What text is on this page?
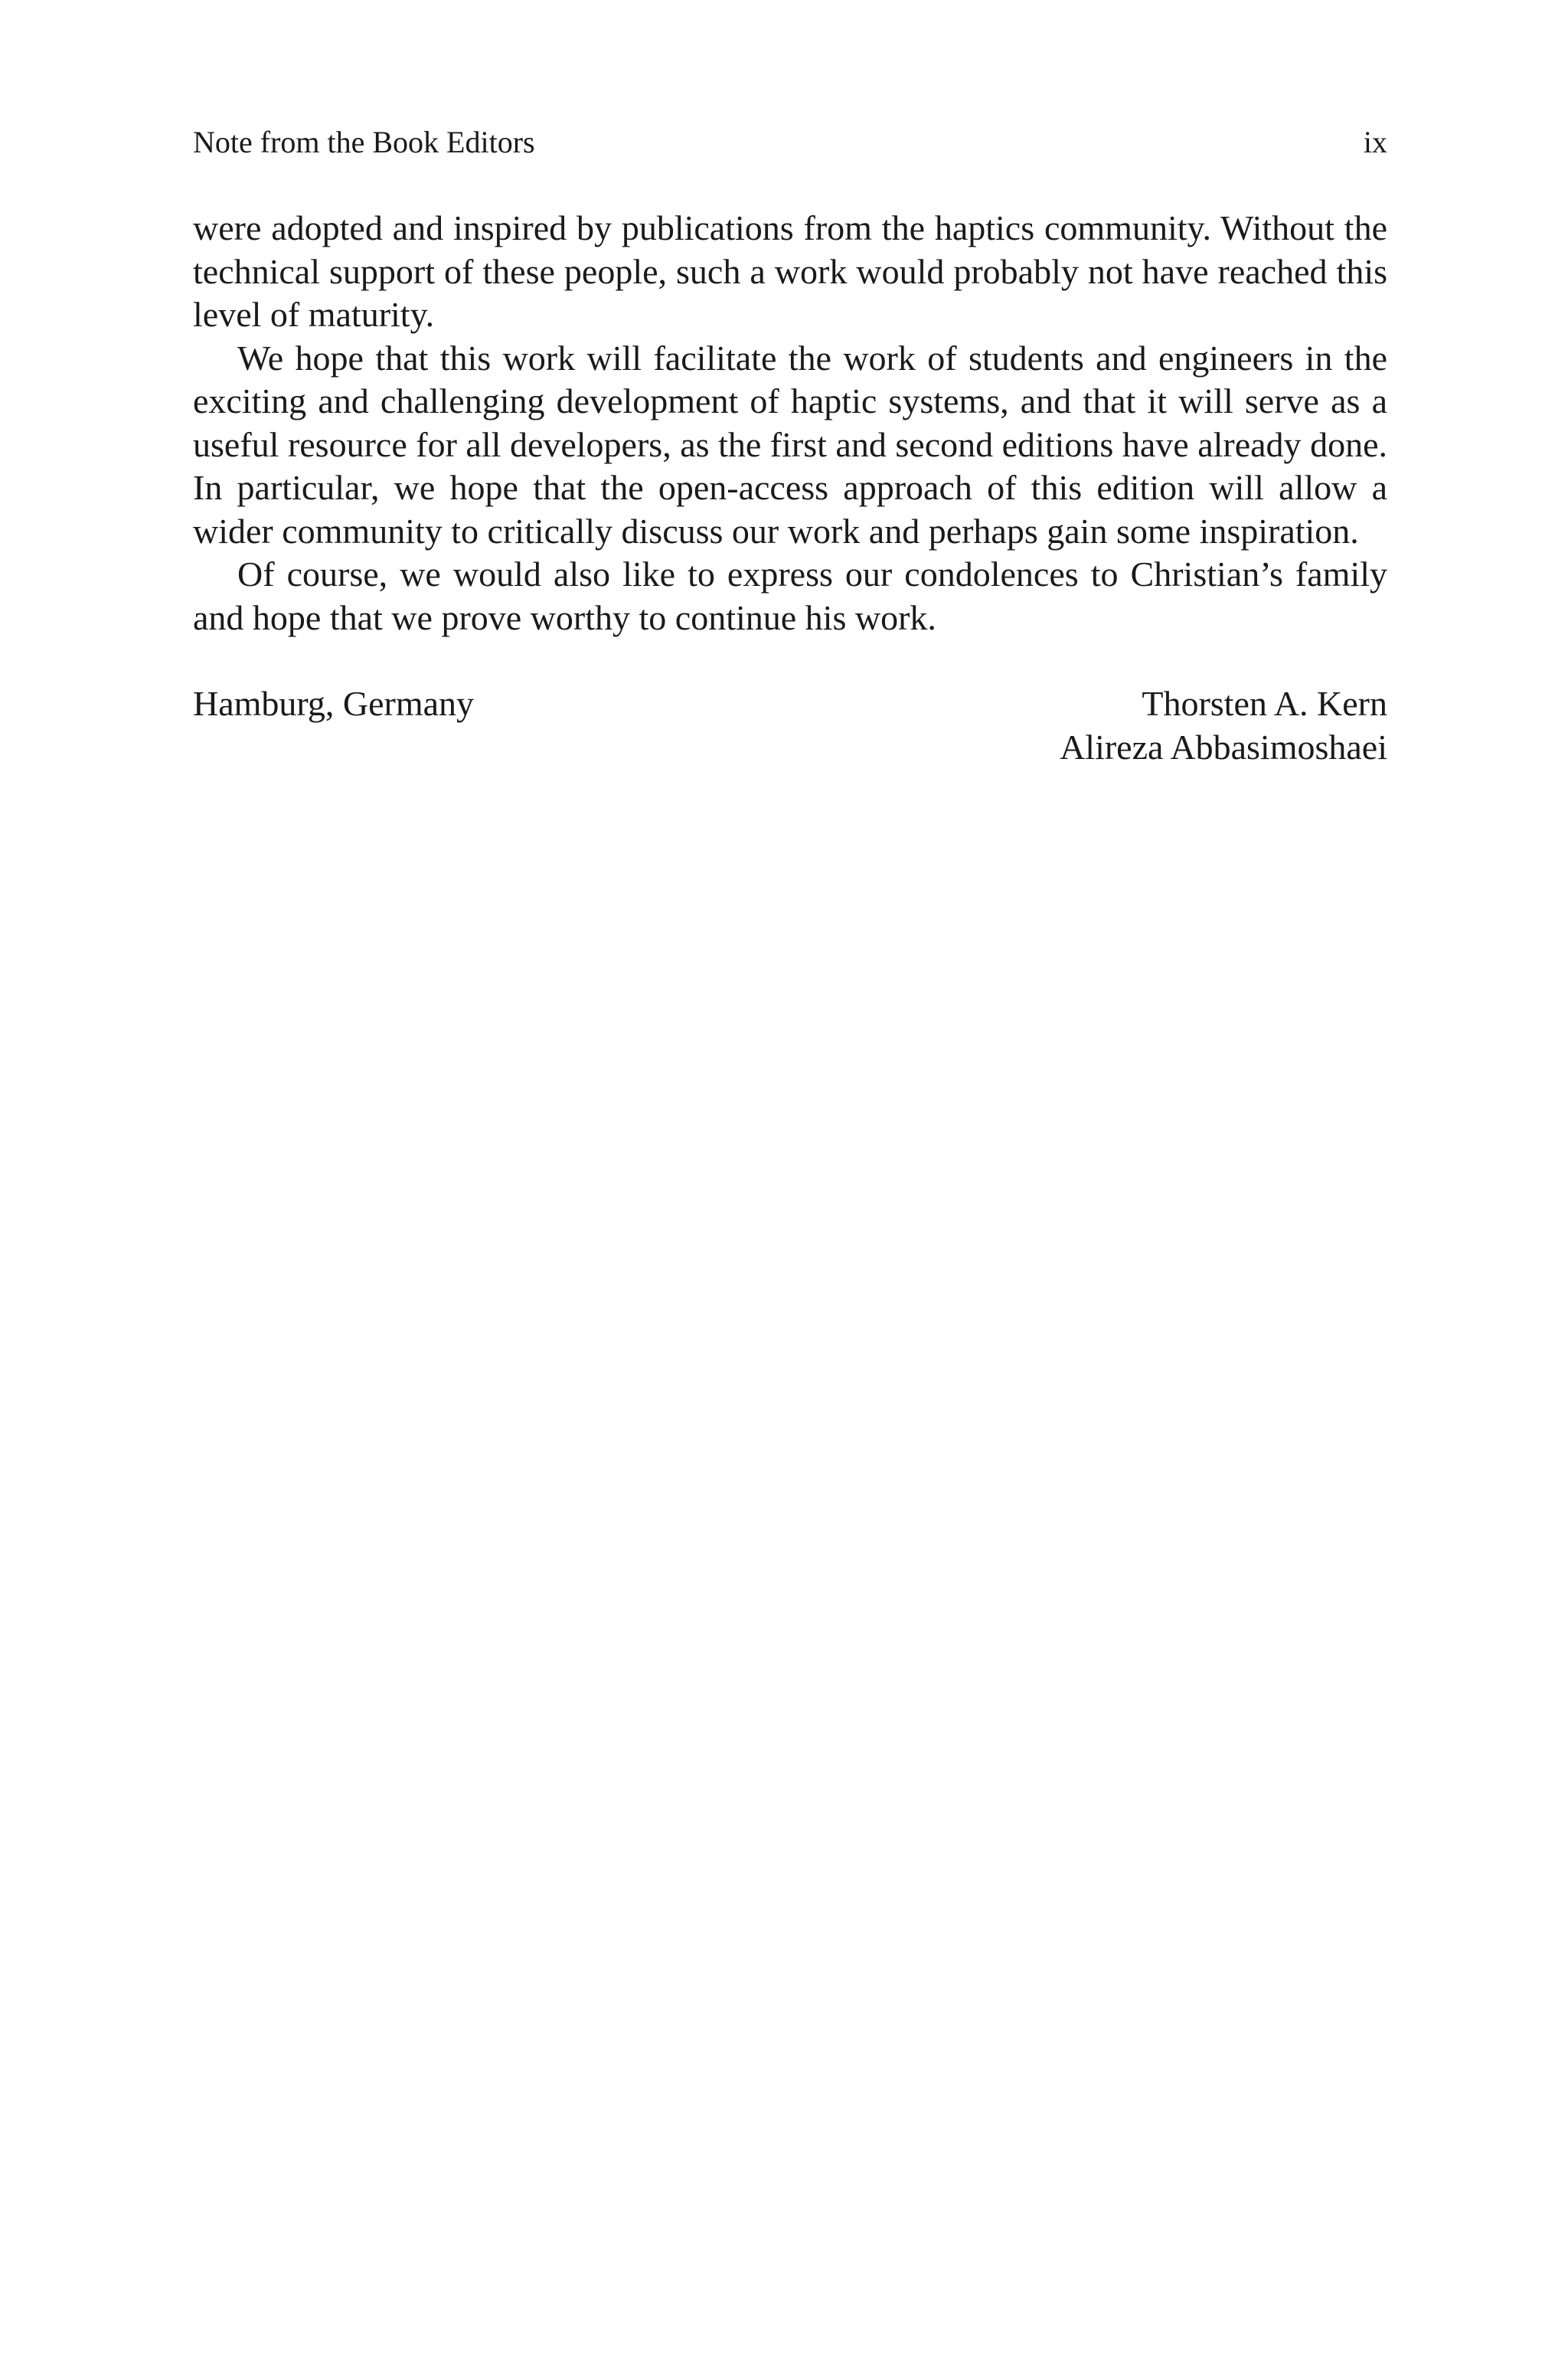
Note from the Book Editors	ix

were adopted and inspired by publications from the haptics community. Without the technical support of these people, such a work would probably not have reached this level of maturity.

We hope that this work will facilitate the work of students and engineers in the exciting and challenging development of haptic systems, and that it will serve as a useful resource for all developers, as the first and second editions have already done. In particular, we hope that the open-access approach of this edition will allow a wider community to critically discuss our work and perhaps gain some inspiration.

Of course, we would also like to express our condolences to Christian’s family and hope that we prove worthy to continue his work.

Hamburg, Germany	Thorsten A. Kern
Alireza Abbasimoshaei
